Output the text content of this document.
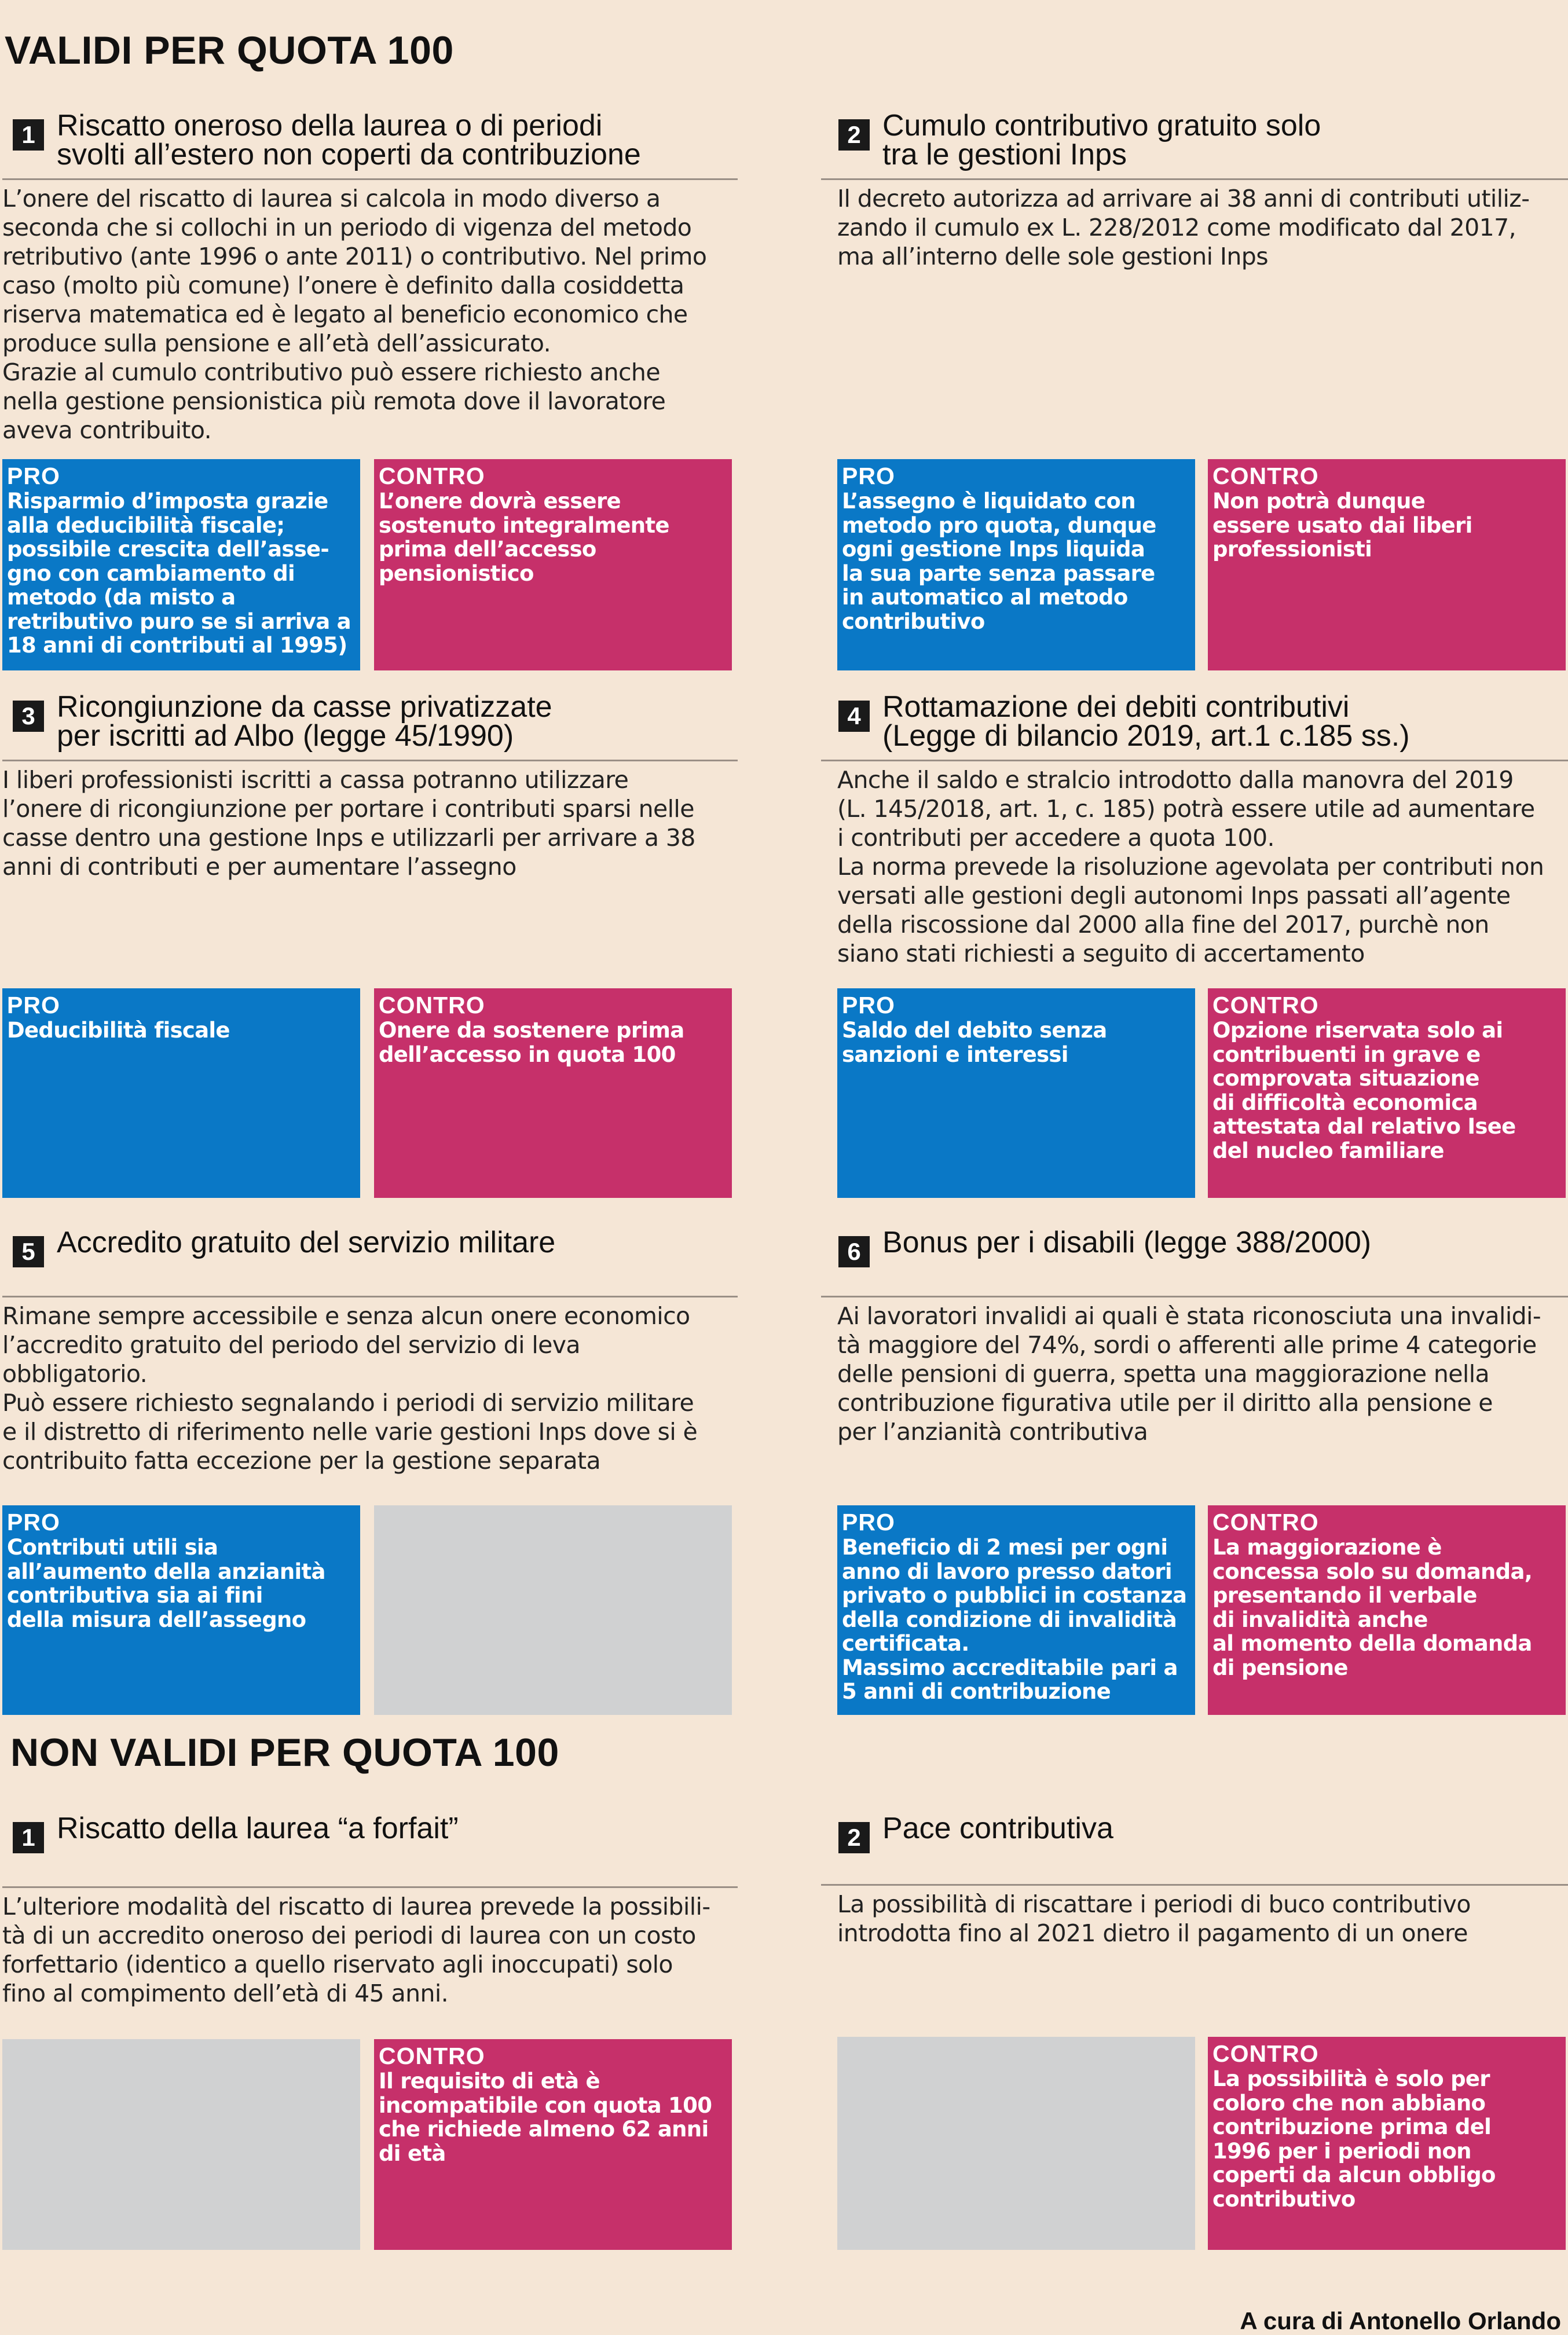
VALIDI PER QUOTA 100
NON VALIDI PER QUOTA 100
1 Riscatto oneroso della laurea o di periodi
svolti all’estero non coperti da contribuzione

L’onere del riscatto di laurea si calcola in modo diverso a

seconda che si collochi in un periodo di vigenza del metodo

retributivo (ante 1996 o ante 2011) o contributivo. Nel primo

caso (molto più comune) l’onere è definito dalla cosiddetta

riserva matematica ed è legato al beneficio economico che

produce sulla pensione e all’età dell’assicurato.

Grazie al cumulo contributivo può essere richiesto anche

nella gestione pensionistica più remota dove il lavoratore

aveva contribuito.

PRO
Risparmio d’imposta grazie
alla deducibilità fiscale;
possibile crescita dell’asse-
gno con cambiamento di
metodo (da misto a
retributivo puro se si arriva a
18 anni di contributi al 1995)
CONTRO
L’onere dovrà essere
sostenuto integralmente
prima dell’accesso
pensionistico
2 Cumulo contributivo gratuito solo
tra le gestioni Inps

Il decreto autorizza ad arrivare ai 38 anni di contributi utiliz-

zando il cumulo ex L. 228/2012 come modificato dal 2017,

ma all’interno delle sole gestioni Inps

PRO
L’assegno è liquidato con
metodo pro quota, dunque
ogni gestione Inps liquida
la sua parte senza passare
in automatico al metodo
contributivo
CONTRO
Non potrà dunque
essere usato dai liberi
professionisti
3 Ricongiunzione da casse privatizzate
per iscritti ad Albo (legge 45/1990)

I liberi professionisti iscritti a cassa potranno utilizzare

l’onere di ricongiunzione per portare i contributi sparsi nelle

casse dentro una gestione Inps e utilizzarli per arrivare a 38

anni di contributi e per aumentare l’assegno

PRO
Deducibilità fiscale
CONTRO
Onere da sostenere prima
dell’accesso in quota 100
4 Rottamazione dei debiti contributivi
(Legge di bilancio 2019, art.1 c.185 ss.)

Anche il saldo e stralcio introdotto dalla manovra del 2019

(L. 145/2018, art. 1, c. 185) potrà essere utile ad aumentare

i contributi per accedere a quota 100.

La norma prevede la risoluzione agevolata per contributi non

versati alle gestioni degli autonomi Inps passati all’agente

della riscossione dal 2000 alla fine del 2017, purchè non

siano stati richiesti a seguito di accertamento

PRO
Saldo del debito senza
sanzioni e interessi
CONTRO
Opzione riservata solo ai
contribuenti in grave e
comprovata situazione
di difficoltà economica
attestata dal relativo Isee
del nucleo familiare
5 Accredito gratuito del servizio militare

Rimane sempre accessibile e senza alcun onere economico

l’accredito gratuito del periodo del servizio di leva

obbligatorio.

Può essere richiesto segnalando i periodi di servizio militare

e il distretto di riferimento nelle varie gestioni Inps dove si è

contribuito fatta eccezione per la gestione separata

PRO
Contributi utili sia
all’aumento della anzianità
contributiva sia ai fini
della misura dell’assegno
6 Bonus per i disabili (legge 388/2000)

Ai lavoratori invalidi ai quali è stata riconosciuta una invalidi-

tà maggiore del 74%, sordi o afferenti alle prime 4 categorie

delle pensioni di guerra, spetta una maggiorazione nella

contribuzione figurativa utile per il diritto alla pensione e

per l’anzianità contributiva

PRO
Beneficio di 2 mesi per ogni
anno di lavoro presso datori
privato o pubblici in costanza
della condizione di invalidità
certificata.
Massimo accreditabile pari a
5 anni di contribuzione
CONTRO
La maggiorazione è
concessa solo su domanda,
presentando il verbale
di invalidità anche
al momento della domanda
di pensione
1 Riscatto della laurea “a forfait”

L’ulteriore modalità del riscatto di laurea prevede la possibili-

tà di un accredito oneroso dei periodi di laurea con un costo

forfettario (identico a quello riservato agli inoccupati) solo

fino al compimento dell’età di 45 anni.

CONTRO
Il requisito di età è
incompatibile con quota 100
che richiede almeno 62 anni
di età
2 Pace contributiva

La possibilità di riscattare i periodi di buco contributivo

introdotta fino al 2021 dietro il pagamento di un onere

CONTRO
La possibilità è solo per
coloro che non abbiano
contribuzione prima del
1996 per i periodi non
coperti da alcun obbligo
contributivo
A cura di Antonello Orlando
